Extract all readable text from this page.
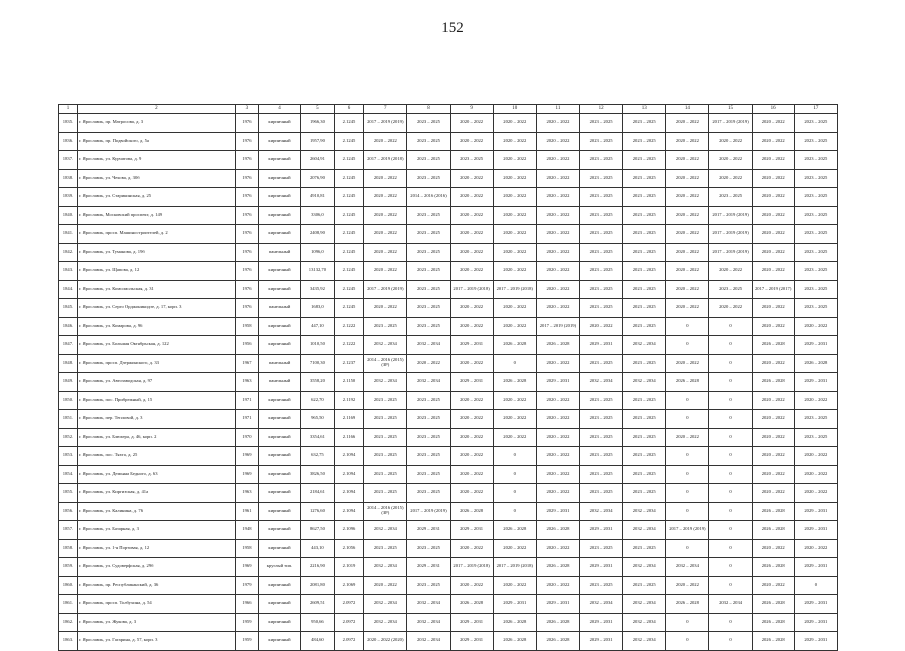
152
1	2	3	4	5	6	7	8	9	10	11	12	13	14	15	16	17
1835.	г. Ярославль, пр. Матросова, д. 3	1976	кирпичный	1966,30	2.1245	2017 – 2019 (2019)	2023 – 2025	2020 – 2022	2020 – 2022	2020 – 2022	2023 – 2025	2023 – 2025	2020 – 2022	2017 – 2019 (2019)	2020 – 2022	2023 – 2025
1836.	г. Ярославль, пр. Подвойского, д. 5а	1976	кирпичный	1957,90	2.1245	2020 – 2022	2023 – 2025	2020 – 2022	2020 – 2022	2020 – 2022	2023 – 2025	2023 – 2025	2020 – 2022	2020 – 2022	2020 – 2022	2023 – 2025
1837.	г. Ярославль, ул. Курчатова, д. 9	1976	кирпичный	2604,91	2.1245	2017 – 2019 (2018)	2023 – 2025	2023 – 2025	2020 – 2022	2020 – 2022	2023 – 2025	2023 – 2025	2020 – 2022	2020 – 2022	2020 – 2022	2023 – 2025
1838.	г. Ярославль, ул. Чехова, д. 30б	1976	кирпичный	2076,90	2.1245	2020 – 2022	2023 – 2025	2020 – 2022	2020 – 2022	2020 – 2022	2023 – 2025	2023 – 2025	2020 – 2022	2020 – 2022	2020 – 2022	2023 – 2025
1839.	г. Ярославль, ул. Старикинская, д. 25	1976	кирпичный	4910,81	2.1245	2020 – 2022	2014 – 2016 (2016)	2020 – 2022	2020 – 2022	2020 – 2022	2023 – 2025	2023 – 2025	2020 – 2022	2023 – 2025	2020 – 2022	2023 – 2025
1840.	г. Ярославль, Московский проспект, д. 149	1976	кирпичный	3306,0	2.1245	2020 – 2022	2023 – 2025	2020 – 2022	2020 – 2022	2020 – 2022	2023 – 2025	2023 – 2025	2020 – 2022	2017 – 2019 (2019)	2020 – 2022	2023 – 2025
1841.	г. Ярославль, просп. Машиностроителей, д. 2	1976	кирпичный	2408,90	2.1245	2020 – 2022	2023 – 2025	2020 – 2022	2020 – 2022	2020 – 2022	2023 – 2025	2023 – 2025	2020 – 2022	2017 – 2019 (2019)	2020 – 2022	2023 – 2025
1842.	г. Ярославль, ул. Туманова, д. 19б	1976	панельный	1096,0	2.1245	2020 – 2022	2023 – 2025	2020 – 2022	2020 – 2022	2020 – 2022	2023 – 2025	2023 – 2025	2020 – 2022	2017 – 2019 (2019)	2020 – 2022	2023 – 2025
1843.	г. Ярославль, ул. Щапова, д. 12	1976	кирпичный	13132,70	2.1245	2020 – 2022	2023 – 2025	2020 – 2022	2020 – 2022	2020 – 2022	2023 – 2025	2023 – 2025	2020 – 2022	2020 – 2022	2020 – 2022	2023 – 2025
1844.	г. Ярославль, ул. Комсомольская, д. 31	1976	кирпичный	3435,92	2.1245	2017 – 2019 (2019)	2023 – 2025	2017 – 2019 (2018)	2017 – 2019 (2018)	2020 – 2022	2023 – 2025	2023 – 2025	2020 – 2022	2023 – 2025	2017 – 2019 (2017)	2023 – 2025
1845.	г. Ярославль, ул. Серго Орджоникидзе, д. 17, корп. 3	1976	панельный	1683,0	2.1245	2020 – 2022	2023 – 2025	2020 – 2022	2020 – 2022	2020 – 2022	2023 – 2025	2023 – 2025	2020 – 2022	2020 – 2022	2020 – 2022	2023 – 2025
1846.	г. Ярославль, ул. Комарова, д. 96	1958	кирпичный	447,10	2.1222	2023 – 2025	2023 – 2025	2020 – 2022	2020 – 2022	2017 – 2019 (2019)	2020 – 2022	2023 – 2025	0	0	2020 – 2022	2020 – 2022
1847.	г. Ярославль, ул. Большая Октябрьская, д. 122	1956	кирпичный	1010,50	2.1222	2032 – 2034	2032 – 2034	2029 – 2031	2026 – 2028	2026 – 2028	2029 – 2031	2032 – 2034	0	0	2026 – 2028	2029 – 2031
1848.	г. Ярославль, просп. Дзержинского, д. 33	1967	панельный	7100,30	2.1237	2014 – 2016 (2015) (ЗР)	2020 – 2022	2020 – 2022	0	2020 – 2022	2023 – 2025	2023 – 2025	2020 – 2022	0	2020 – 2022	2026 – 2028
1849.	г. Ярославль, ул. Автозаводская, д. 97	1963	панельный	3558,20	2.1150	2032 – 2034	2032 – 2034	2029 – 2031	2026 – 2028	2029 – 2031	2032 – 2034	2032 – 2034	2026 – 2028	0	2026 – 2028	2029 – 2031
1850.	г. Ярославль, пос. Прибрежный, д. 15	1971	кирпичный	622,70	2.1192	2023 – 2025	2023 – 2025	2020 – 2022	2020 – 2022	2020 – 2022	2023 – 2025	2023 – 2025	0	0	2020 – 2022	2020 – 2022
1851.	г. Ярославль, пер. Тепловой, д. 3	1971	кирпичный	965,50	2.1169	2023 – 2025	2023 – 2025	2020 – 2022	2020 – 2022	2020 – 2022	2023 – 2025	2023 – 2025	0	0	2020 – 2022	2023 – 2025
1852.	г. Ярославль, ул. Блюхера, д. 46, корп. 2	1970	кирпичный	3354,61	2.1166	2023 – 2025	2023 – 2025	2020 – 2022	2020 – 2022	2020 – 2022	2023 – 2025	2023 – 2025	2020 – 2022	0	2020 – 2022	2023 – 2025
1853.	г. Ярославль, пос. Тяхта, д. 25	1969	кирпичный	632,75	2.1094	2023 – 2025	2023 – 2025	2020 – 2022	0	2020 – 2022	2023 – 2025	2023 – 2025	0	0	2020 – 2022	2020 – 2022
1854.	г. Ярославль, ул. Демьяна Бедного, д. 63	1969	кирпичный	3826,50	2.1094	2023 – 2025	2023 – 2025	2020 – 2022	0	2020 – 2022	2023 – 2025	2023 – 2025	0	0	2020 – 2022	2020 – 2022
1855.	г. Ярославль, ул. Киргизская, д. 41а	1963	кирпичный	2184,61	2.1094	2023 – 2025	2023 – 2025	2020 – 2022	0	2020 – 2022	2023 – 2025	2023 – 2025	0	0	2020 – 2022	2020 – 2022
1856.	г. Ярославль, ул. Калинина, д. 76	1961	кирпичный	1276,60	2.1094	2014 – 2016 (2015) (ЗР)	2017 – 2019 (2019)	2026 – 2028	0	2029 – 2031	2032 – 2034	2032 – 2034	0	0	2026 – 2028	2029 – 2031
1857.	г. Ярославль, ул. Базарная, д. 3	1948	кирпичный	8627,50	2.1096	2032 – 2034	2029 – 2031	2029 – 2031	2026 – 2028	2026 – 2028	2029 – 2031	2032 – 2034	2017 – 2019 (2019)	0	2026 – 2028	2029 – 2031
1858.	г. Ярославль, ул. 1-я Портовая, д. 12	1958	кирпичный	443,10	2.1056	2023 – 2025	2023 – 2025	2020 – 2022	2020 – 2022	2020 – 2022	2023 – 2025	2023 – 2025	0	0	2020 – 2022	2020 – 2022
1859.	г. Ярославль, ул. Судоверфская, д. 29б	1969	круглый тип.	2216,90	2.1019	2032 – 2034	2029 – 2031	2017 – 2019 (2018)	2017 – 2019 (2018)	2026 – 2028	2029 – 2031	2032 – 2034	2032 – 2034	0	2026 – 2028	2029 – 2031
1860.	г. Ярославль, пр. Республиканский, д. 36	1979	кирпичный	2081,80	2.1069	2020 – 2022	2023 – 2025	2020 – 2022	2020 – 2022	2020 – 2022	2023 – 2025	2023 – 2025	2020 – 2022	0	2020 – 2022	0
1861.	г. Ярославль, просп. Толбухина, д. 54	1966	кирпичный	2609,51	2.0972	2032 – 2034	2032 – 2034	2026 – 2028	2029 – 2031	2029 – 2031	2032 – 2034	2032 – 2034	2026 – 2028	2032 – 2034	2026 – 2028	2029 – 2031
1862.	г. Ярославль, ул. Жукова, д. 3	1959	кирпичный	950,66	2.0972	2032 – 2034	2032 – 2034	2029 – 2031	2026 – 2028	2026 – 2028	2029 – 2031	2032 – 2034	0	0	2026 – 2028	2029 – 2031
1863.	г. Ярославль, ул. Гагарина, д. 57, корп. 3	1959	кирпичный	484,60	2.0972	2020 – 2022 (2020)	2032 – 2034	2029 – 2031	2026 – 2028	2026 – 2028	2029 – 2031	2032 – 2034	0	0	2026 – 2028	2029 – 2031
